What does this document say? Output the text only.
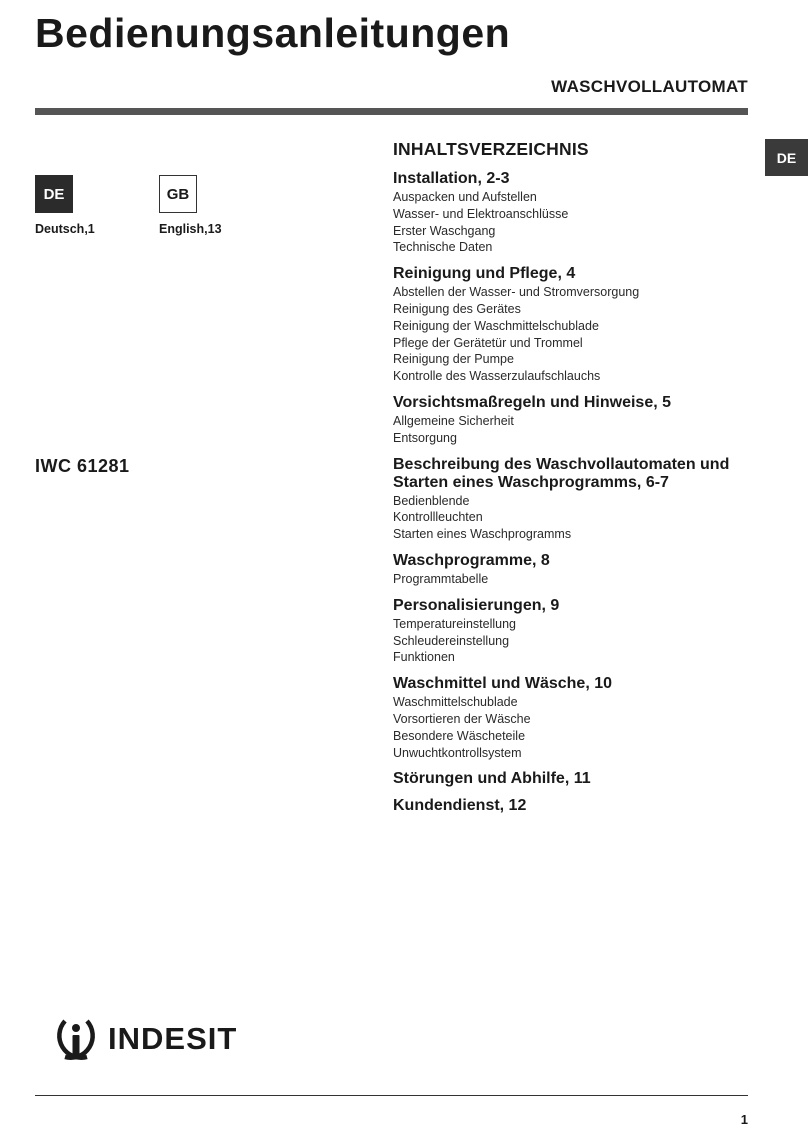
Bedienungsanleitungen
WASCHVOLLAUTOMAT
DE
DE
Deutsch,1
GB
English,13
IWC 61281
INHALTSVERZEICHNIS
Installation, 2-3
Auspacken und Aufstellen
Wasser- und Elektroanschlüsse
Erster Waschgang
Technische Daten
Reinigung und Pflege, 4
Abstellen der Wasser- und Stromversorgung
Reinigung des Gerätes
Reinigung der Waschmittelschublade
Pflege der Gerätetür und Trommel
Reinigung der Pumpe
Kontrolle des Wasserzulaufschlauchs
Vorsichtsmaßregeln und Hinweise, 5
Allgemeine Sicherheit
Entsorgung
Beschreibung des Waschvollautomaten und Starten eines Waschprogramms, 6-7
Bedienblende
Kontrollleuchten
Starten eines Waschprogramms
Waschprogramme, 8
Programmtabelle
Personalisierungen, 9
Temperatureinstellung
Schleudereinstellung
Funktionen
Waschmittel und Wäsche, 10
Waschmittelschublade
Vorsortieren der Wäsche
Besondere Wäscheteile
Unwuchtkontrollsystem
Störungen und Abhilfe, 11
Kundendienst, 12
INDESIT
1
